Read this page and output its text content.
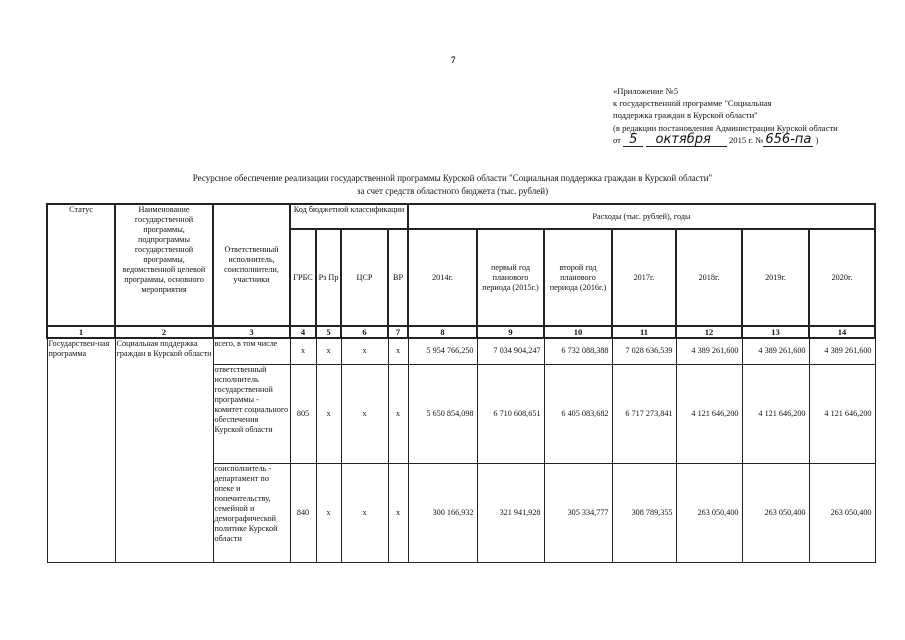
7
«Приложение №5
к государственной программе "Социальная
поддержка граждан в Курской области"
(в редакции постановления Администрации Курской области
от 5 октября 2015 г. № 656-па )
Ресурсное обеспечение реализации государственной программы Курской области "Социальная поддержка граждан в Курской области"
за счет средств областного бюджета (тыс. рублей)
Статус	Наименование государственной программы, подпрограммы государственной программы, ведомственной целевой программы, основного мероприятия	Ответственный исполнитель, соисполнители, участники	Код бюджетной классификации				Расходы (тыс. рублей), годы						
			ГРБС	Рз Пр	ЦСР	ВР	2014г.	первый год планового периода (2015г.)	второй год планового периода (2016г.)	2017г.	2018г.	2019г.	2020г.
1	2	3	4	5	6	7	8	9	10	11	12	13	14
Государствен-ная программа	Социальная поддержка граждан в Курской области	всего, в том числе	x	x	x	x	5 954 766,250	7 034 904,247	6 732 088,388	7 028 636,539	4 389 261,600	4 389 261,600	4 389 261,600
		ответственный исполнитель государственной программы - комитет социального обеспечения Курской области	805	x	x	x	5 650 854,098	6 710 608,651	6 405 083,682	6 717 273,841	4 121 646,200	4 121 646,200	4 121 646,200
		соисполнитель - департамент по опеке и попечительству, семейной и демографической политике Курской области	840	x	x	x	300 166,932	321 941,928	305 334,777	308 789,355	263 050,400	263 050,400	263 050,400
